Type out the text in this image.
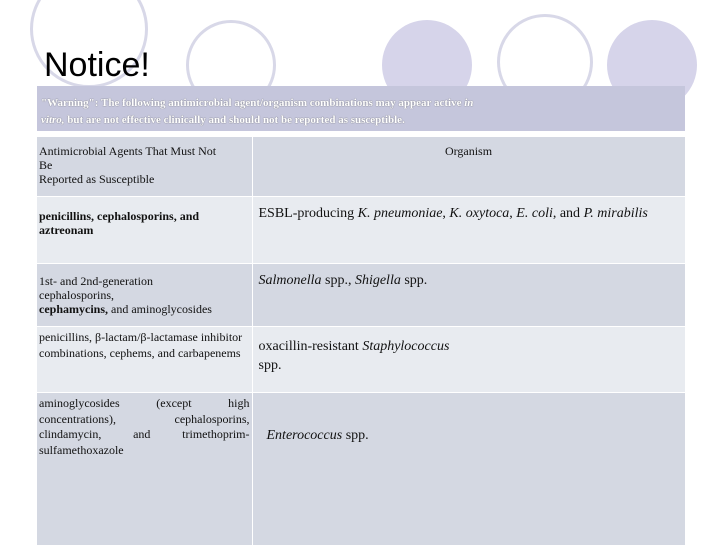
Notice!
"Warning": The following antimicrobial agent/organism combinations may appear active in
vitro, but are not effective clinically and should not be reported as susceptible.
Antimicrobial Agents That Must Not
Be
Reported as Susceptible	Organism
penicillins, cephalosporins, and aztreonam	ESBL-producing K. pneumoniae, K. oxytoca, E. coli, and P. mirabilis
1st- and 2nd-generation
cephalosporins,
cephamycins, and aminoglycosides	Salmonella spp., Shigella spp.
penicillins, β-lactam/β-lactamase inhibitor combinations, cephems, and carbapenems	oxacillin-resistant Staphylococcus
spp.
aminoglycosides (except high concentrations), cephalosporins, clindamycin, and trimethoprim-sulfamethoxazole	Enterococcus spp.
